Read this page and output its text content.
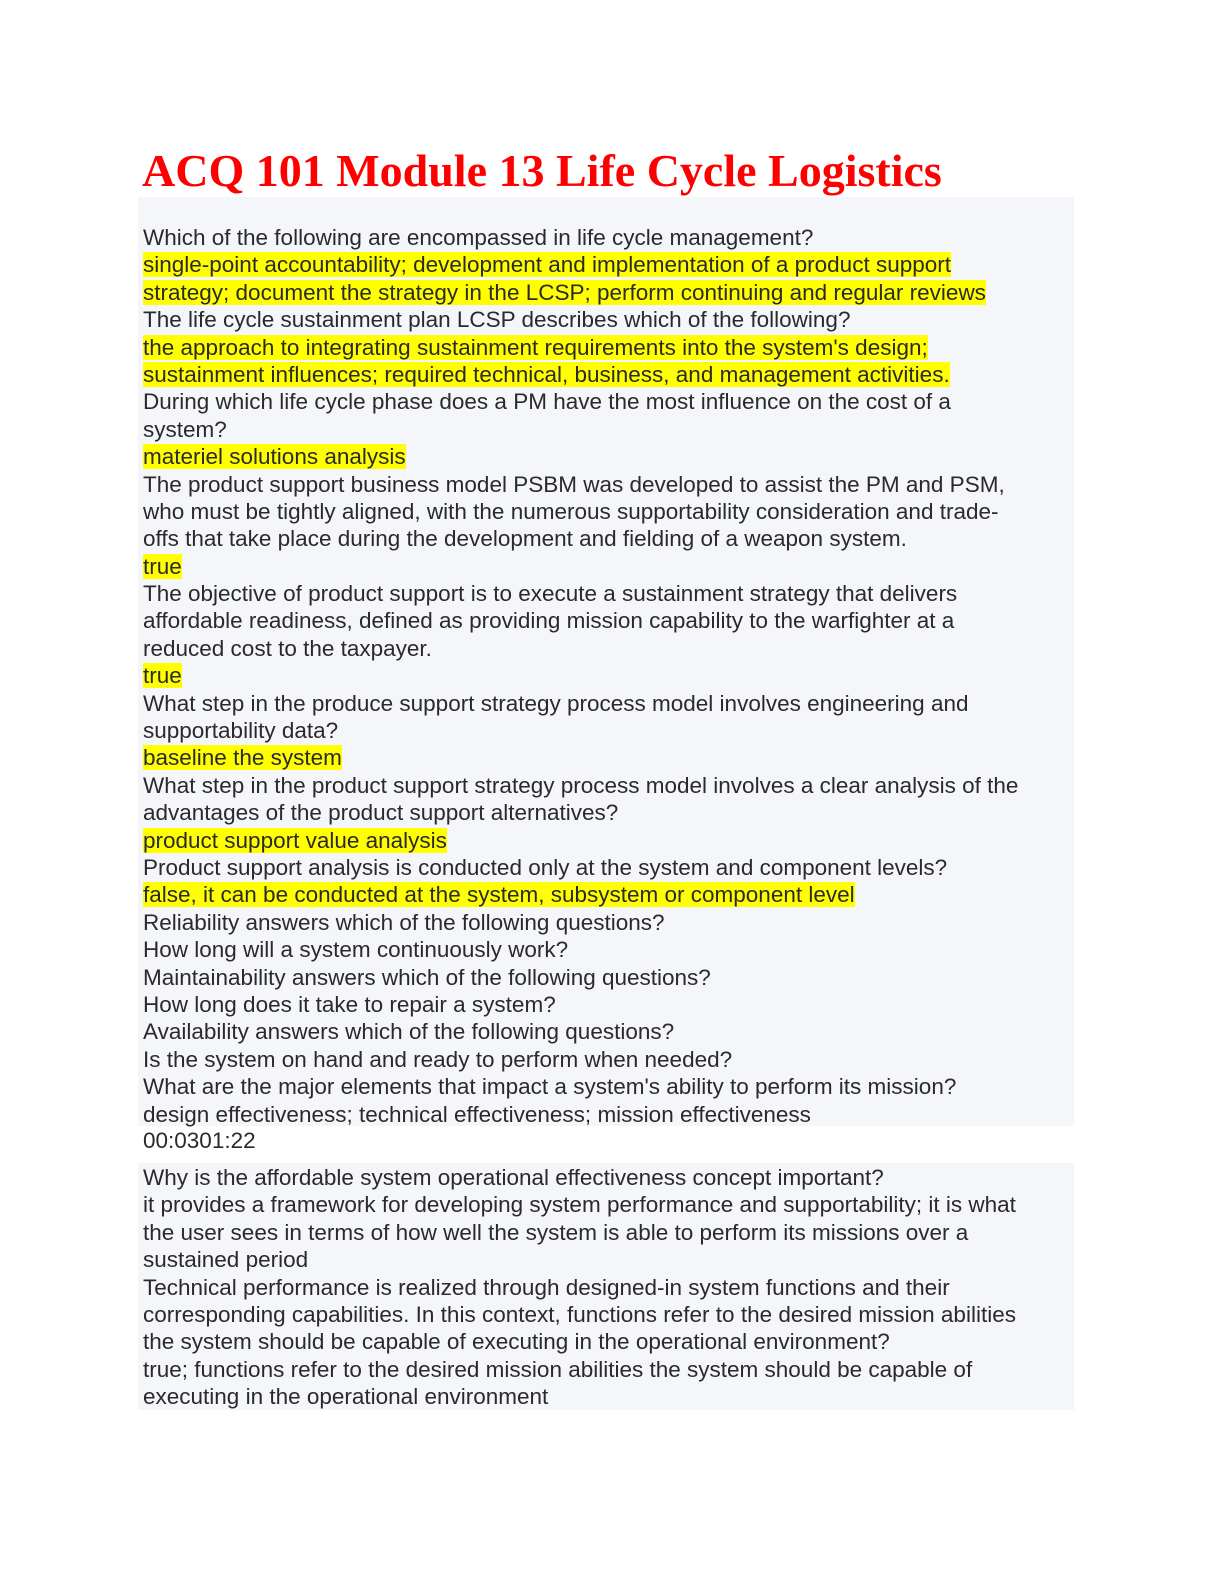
ACQ 101 Module 13 Life Cycle Logistics
Which of the following are encompassed in life cycle management?
single-point accountability; development and implementation of a product support
strategy; document the strategy in the LCSP; perform continuing and regular reviews
The life cycle sustainment plan LCSP describes which of the following?
the approach to integrating sustainment requirements into the system's design;
sustainment influences; required technical, business, and management activities.
During which life cycle phase does a PM have the most influence on the cost of a
system?
materiel solutions analysis
The product support business model PSBM was developed to assist the PM and PSM,
who must be tightly aligned, with the numerous supportability consideration and trade-
offs that take place during the development and fielding of a weapon system.
true
The objective of product support is to execute a sustainment strategy that delivers
affordable readiness, defined as providing mission capability to the warfighter at a
reduced cost to the taxpayer.
true
What step in the produce support strategy process model involves engineering and
supportability data?
baseline the system
What step in the product support strategy process model involves a clear analysis of the
advantages of the product support alternatives?
product support value analysis
Product support analysis is conducted only at the system and component levels?
false, it can be conducted at the system, subsystem or component level
Reliability answers which of the following questions?
How long will a system continuously work?
Maintainability answers which of the following questions?
How long does it take to repair a system?
Availability answers which of the following questions?
Is the system on hand and ready to perform when needed?
What are the major elements that impact a system's ability to perform its mission?
design effectiveness; technical effectiveness; mission effectiveness
00:0301:22
Why is the affordable system operational effectiveness concept important?
it provides a framework for developing system performance and supportability; it is what
the user sees in terms of how well the system is able to perform its missions over a
sustained period
Technical performance is realized through designed-in system functions and their
corresponding capabilities. In this context, functions refer to the desired mission abilities
the system should be capable of executing in the operational environment?
true; functions refer to the desired mission abilities the system should be capable of
executing in the operational environment
